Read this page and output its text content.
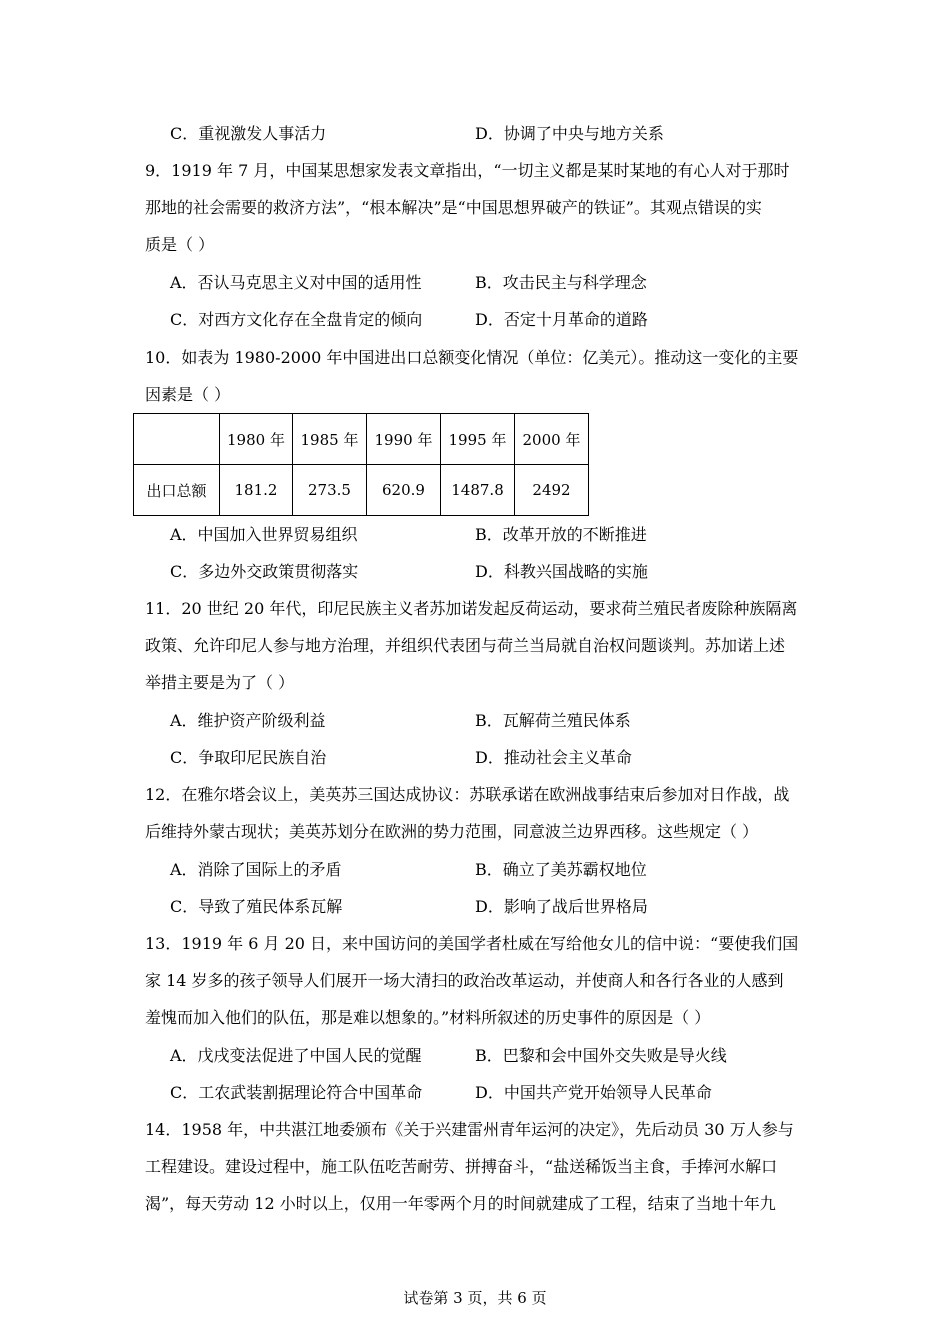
C．重视激发人事活力	D．协调了中央与地方关系
9．1919 年 7 月，中国某思想家发表文章指出，“一切主义都是某时某地的有心人对于那时
那地的社会需要的救济方法”，“根本解决”是“中国思想界破产的铁证”。其观点错误的实
质是（ ）
A．否认马克思主义对中国的适用性	B．攻击民主与科学理念
C．对西方文化存在全盘肯定的倾向	D．否定十月革命的道路
10．如表为 1980-2000 年中国进出口总额变化情况（单位：亿美元）。推动这一变化的主要
因素是（ ）
	1980 年	1985 年	1990 年	1995 年	2000 年
出口总额	181.2	273.5	620.9	1487.8	2492
A．中国加入世界贸易组织	B．改革开放的不断推进
C．多边外交政策贯彻落实	D．科教兴国战略的实施
11．20 世纪 20 年代，印尼民族主义者苏加诺发起反荷运动，要求荷兰殖民者废除种族隔离
政策、允许印尼人参与地方治理，并组织代表团与荷兰当局就自治权问题谈判。苏加诺上述
举措主要是为了（ ）
A．维护资产阶级利益	B．瓦解荷兰殖民体系
C．争取印尼民族自治	D．推动社会主义革命
12．在雅尔塔会议上，美英苏三国达成协议：苏联承诺在欧洲战事结束后参加对日作战，战
后维持外蒙古现状；美英苏划分在欧洲的势力范围，同意波兰边界西移。这些规定（ ）
A．消除了国际上的矛盾	B．确立了美苏霸权地位
C．导致了殖民体系瓦解	D．影响了战后世界格局
13．1919 年 6 月 20 日，来中国访问的美国学者杜威在写给他女儿的信中说：“要使我们国
家 14 岁多的孩子领导人们展开一场大清扫的政治改革运动，并使商人和各行各业的人感到
羞愧而加入他们的队伍，那是难以想象的。”材料所叙述的历史事件的原因是（ ）
A．戊戌变法促进了中国人民的觉醒	B．巴黎和会中国外交失败是导火线
C．工农武装割据理论符合中国革命	D．中国共产党开始领导人民革命
14．1958 年，中共湛江地委颁布《关于兴建雷州青年运河的决定》，先后动员 30 万人参与
工程建设。建设过程中，施工队伍吃苦耐劳、拼搏奋斗，“盐送稀饭当主食，手捧河水解口
渴”，每天劳动 12 小时以上，仅用一年零两个月的时间就建成了工程，结束了当地十年九
试卷第 3 页，共 6 页
